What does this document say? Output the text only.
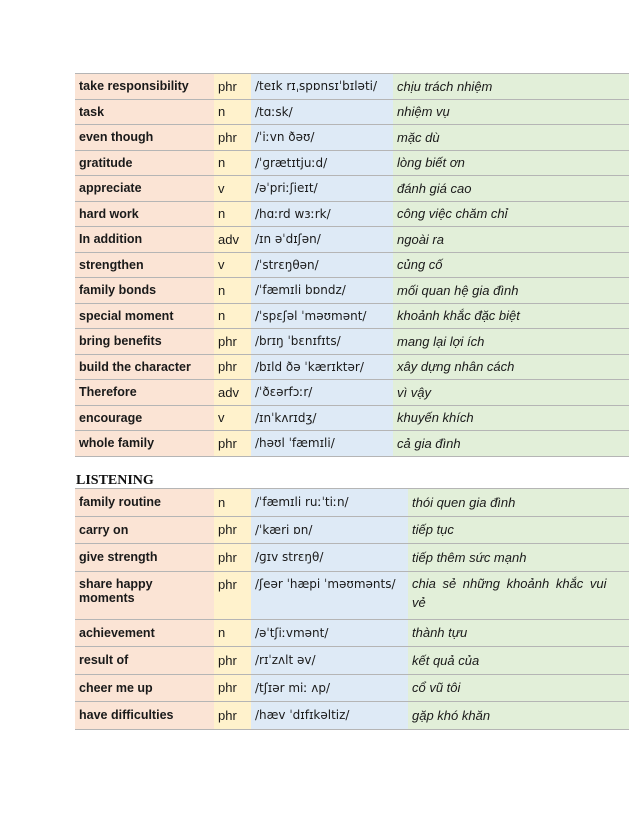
take responsibility	phr	/teɪk rɪˌspɒnsɪˈbɪləti/	chịu trách nhiệm
task	n	/tɑːsk/	nhiệm vụ
even though	phr	/ˈiːvn ðəʊ/	mặc dù
gratitude	n	/ˈɡrætɪtjuːd/	lòng biết ơn
appreciate	v	/əˈpriːʃieɪt/	đánh giá cao
hard work	n	/hɑːrd wɜːrk/	công việc chăm chỉ
In addition	adv	/ɪn əˈdɪʃən/	ngoài ra
strengthen	v	/ˈstrɛŋθən/	củng cố
family bonds	n	/ˈfæmɪli bɒndz/	mối quan hệ gia đình
special moment	n	/ˈspɛʃəl ˈməʊmənt/	khoảnh khắc đặc biệt
bring benefits	phr	/brɪŋ ˈbɛnɪfɪts/	mang lại lợi ích
build the character	phr	/bɪld ðə ˈkærɪktər/	xây dựng nhân cách
Therefore	adv	/ˈðɛərfɔːr/	vì vậy
encourage	v	/ɪnˈkʌrɪdʒ/	khuyến khích
whole family	phr	/həʊl ˈfæmɪli/	cả gia đình
LISTENING
family routine	n	/ˈfæmɪli ruːˈtiːn/	thói quen gia đình
carry on	phr	/ˈkæri ɒn/	tiếp tục
give strength	phr	/ɡɪv strɛŋθ/	tiếp thêm sức mạnh
share happy moments	phr	/ʃeər ˈhæpi ˈməʊmənts/	chia sẻ những khoảnh khắc vui vẻ

achievement	n	/əˈtʃiːvmənt/	thành tựu
result of	phr	/rɪˈzʌlt əv/	kết quả của
cheer me up	phr	/tʃɪər miː ʌp/	cổ vũ tôi
have difficulties	phr	/hæv ˈdɪfɪkəltiz/	gặp khó khăn
